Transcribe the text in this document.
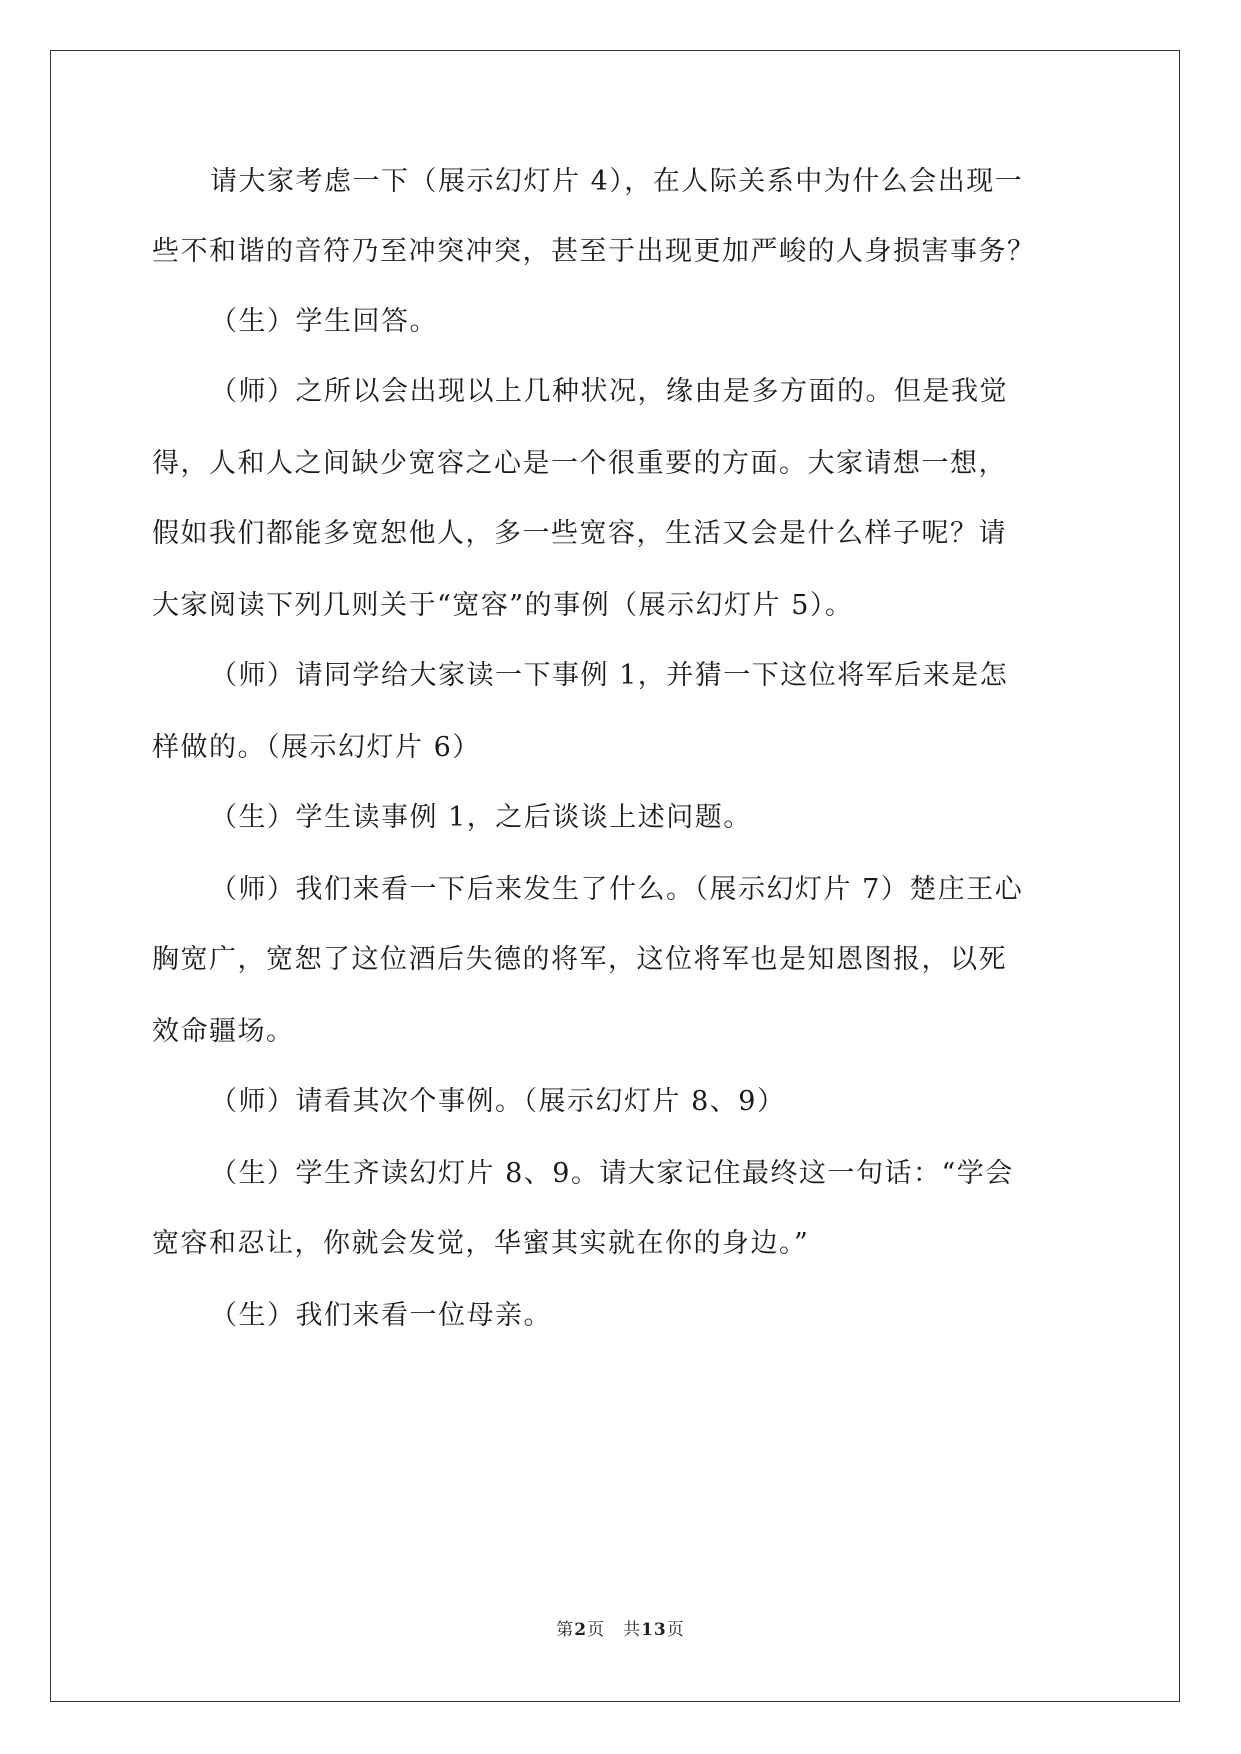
请大家考虑一下（展示幻灯片 4），在人际关系中为什么会出现一
些不和谐的音符乃至冲突冲突，甚至于出现更加严峻的人身损害事务？
（生）学生回答。
（师）之所以会出现以上几种状况，缘由是多方面的。但是我觉
得，人和人之间缺少宽容之心是一个很重要的方面。大家请想一想，
假如我们都能多宽恕他人，多一些宽容，生活又会是什么样子呢？请
大家阅读下列几则关于“宽容”的事例（展示幻灯片 5）。
（师）请同学给大家读一下事例 1，并猜一下这位将军后来是怎
样做的。（展示幻灯片 6）
（生）学生读事例 1，之后谈谈上述问题。
（师）我们来看一下后来发生了什么。（展示幻灯片 7）楚庄王心
胸宽广，宽恕了这位酒后失德的将军，这位将军也是知恩图报，以死
效命疆场。
（师）请看其次个事例。（展示幻灯片 8、9）
（生）学生齐读幻灯片 8、9。请大家记住最终这一句话：“学会
宽容和忍让，你就会发觉，华蜜其实就在你的身边。”
（生）我们来看一位母亲。
第2页　共13页
